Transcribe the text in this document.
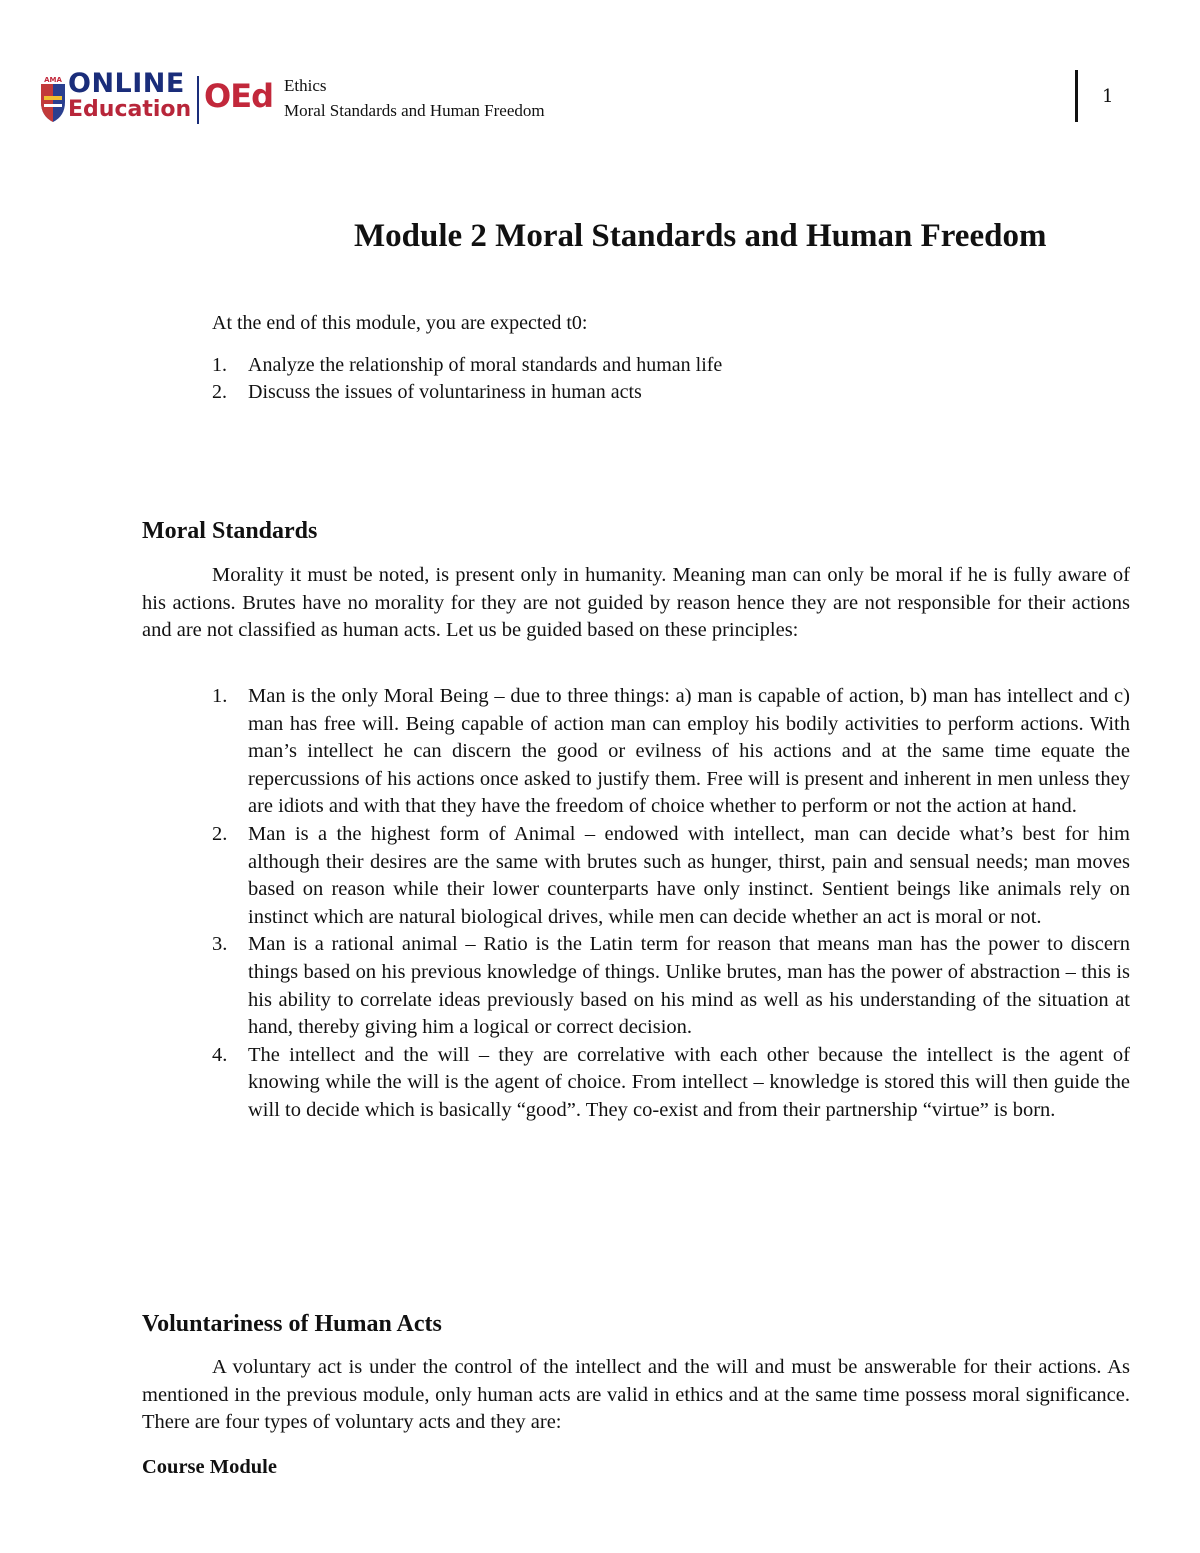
AMA ONLINE
Education OEd Ethics
Moral Standards and Human Freedom
1
Module 2 Moral Standards and Human Freedom

At the end of this module, you are expected t0:

1. Analyze the relationship of moral standards and human life
2. Discuss the issues of voluntariness in human acts
Moral Standards

Morality it must be noted, is present only in humanity. Meaning man can only be moral if he is fully aware of his actions. Brutes have no morality for they are not guided by reason hence they are not responsible for their actions and are not classified as human acts. Let us be guided based on these principles:

1. Man is the only Moral Being – due to three things: a) man is capable of action, b) man has intellect and c) man has free will. Being capable of action man can employ his bodily activities to perform actions. With man’s intellect he can discern the good or evilness of his actions and at the same time equate the repercussions of his actions once asked to justify them. Free will is present and inherent in men unless they are idiots and with that they have the freedom of choice whether to perform or not the action at hand.
2. Man is a the highest form of Animal – endowed with intellect, man can decide what’s best for him although their desires are the same with brutes such as hunger, thirst, pain and sensual needs; man moves based on reason while their lower counterparts have only instinct. Sentient beings like animals rely on instinct which are natural biological drives, while men can decide whether an act is moral or not.
3. Man is a rational animal – Ratio is the Latin term for reason that means man has the power to discern things based on his previous knowledge of things. Unlike brutes, man has the power of abstraction – this is his ability to correlate ideas previously based on his mind as well as his understanding of the situation at hand, thereby giving him a logical or correct decision.
4. The intellect and the will – they are correlative with each other because the intellect is the agent of knowing while the will is the agent of choice. From intellect – knowledge is stored this will then guide the will to decide which is basically “good”. They co-exist and from their partnership “virtue” is born.
Voluntariness of Human Acts

A voluntary act is under the control of the intellect and the will and must be answerable for their actions. As mentioned in the previous module, only human acts are valid in ethics and at the same time possess moral significance. There are four types of voluntary acts and they are:

Course Module
